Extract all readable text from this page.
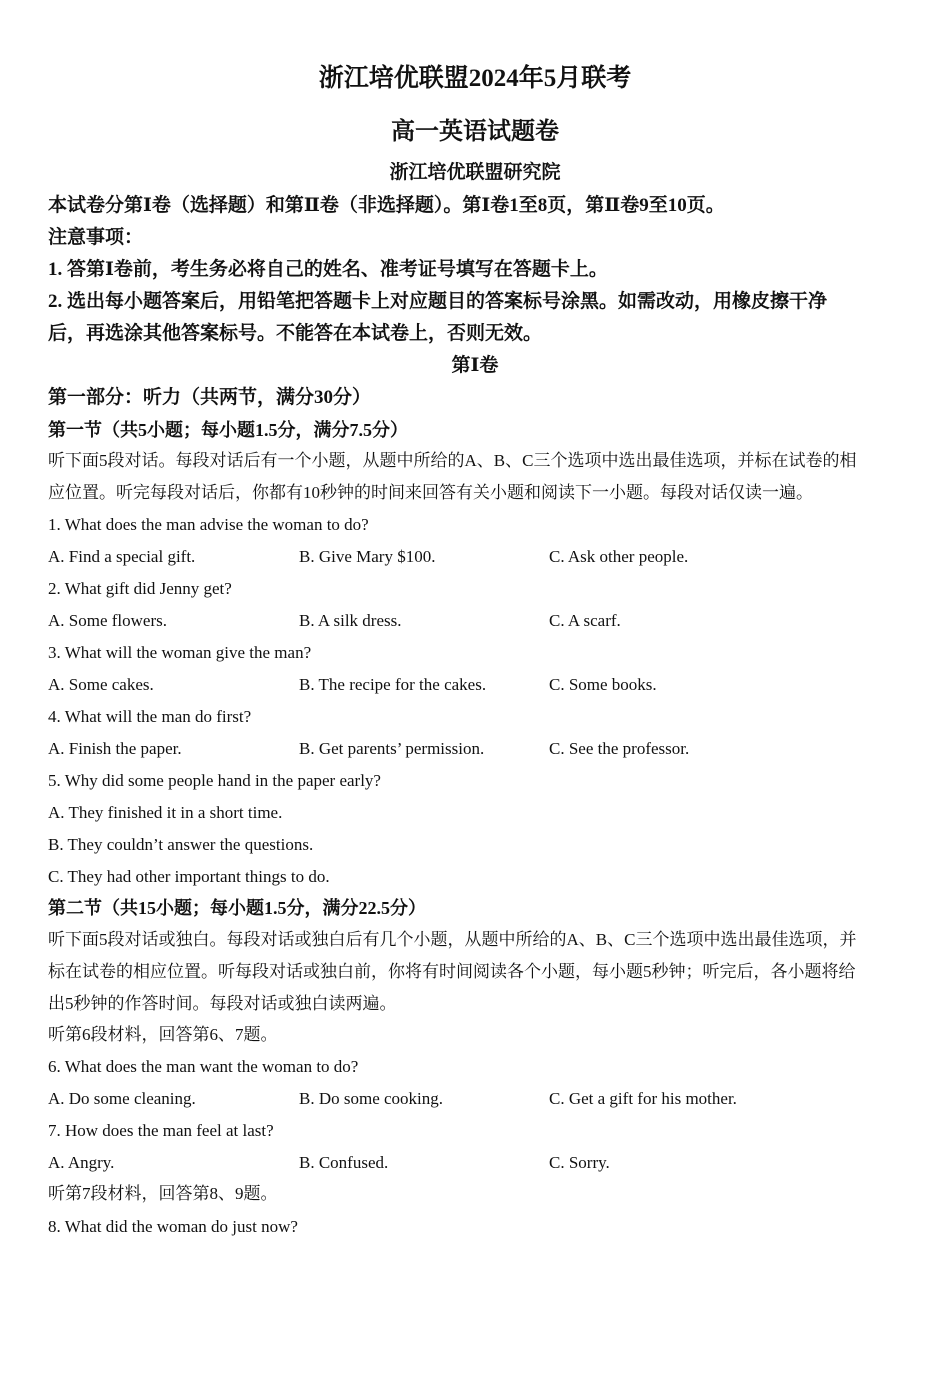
浙江培优联盟2024年5月联考
高一英语试题卷
浙江培优联盟研究院
本试卷分第Ⅰ卷（选择题）和第Ⅱ卷（非选择题）。第Ⅰ卷1至8页，第Ⅱ卷9至10页。
注意事项：
1. 答第Ⅰ卷前，考生务必将自己的姓名、准考证号填写在答题卡上。
2. 选出每小题答案后，用铅笔把答题卡上对应题目的答案标号涂黑。如需改动，用橡皮擦干净
后，再选涂其他答案标号。不能答在本试卷上，否则无效。
第Ⅰ卷
第一部分：听力（共两节，满分30分）
第一节（共5小题；每小题1.5分，满分7.5分）
听下面5段对话。每段对话后有一个小题，从题中所给的A、B、C三个选项中选出最佳选项，并标在试卷的相
应位置。听完每段对话后，你都有10秒钟的时间来回答有关小题和阅读下一小题。每段对话仅读一遍。
1. What does the man advise the woman to do?
A. Find a special gift.	B. Give Mary $100.	C. Ask other people.
2. What gift did Jenny get?
A. Some flowers.	B. A silk dress.	C. A scarf.
3. What will the woman give the man?
A. Some cakes.	B. The recipe for the cakes.	C. Some books.
4. What will the man do first?
A. Finish the paper.	B. Get parents’ permission.	C. See the professor.
5. Why did some people hand in the paper early?
A. They finished it in a short time.
B. They couldn’t answer the questions.
C. They had other important things to do.
第二节（共15小题；每小题1.5分，满分22.5分）
听下面5段对话或独白。每段对话或独白后有几个小题，从题中所给的A、B、C三个选项中选出最佳选项，并
标在试卷的相应位置。听每段对话或独白前，你将有时间阅读各个小题，每小题5秒钟；听完后，各小题将给
出5秒钟的作答时间。每段对话或独白读两遍。
听第6段材料，回答第6、7题。
6. What does the man want the woman to do?
A. Do some cleaning.	B. Do some cooking.	C. Get a gift for his mother.
7. How does the man feel at last?
A. Angry.	B. Confused.	C. Sorry.
听第7段材料，回答第8、9题。
8. What did the woman do just now?
